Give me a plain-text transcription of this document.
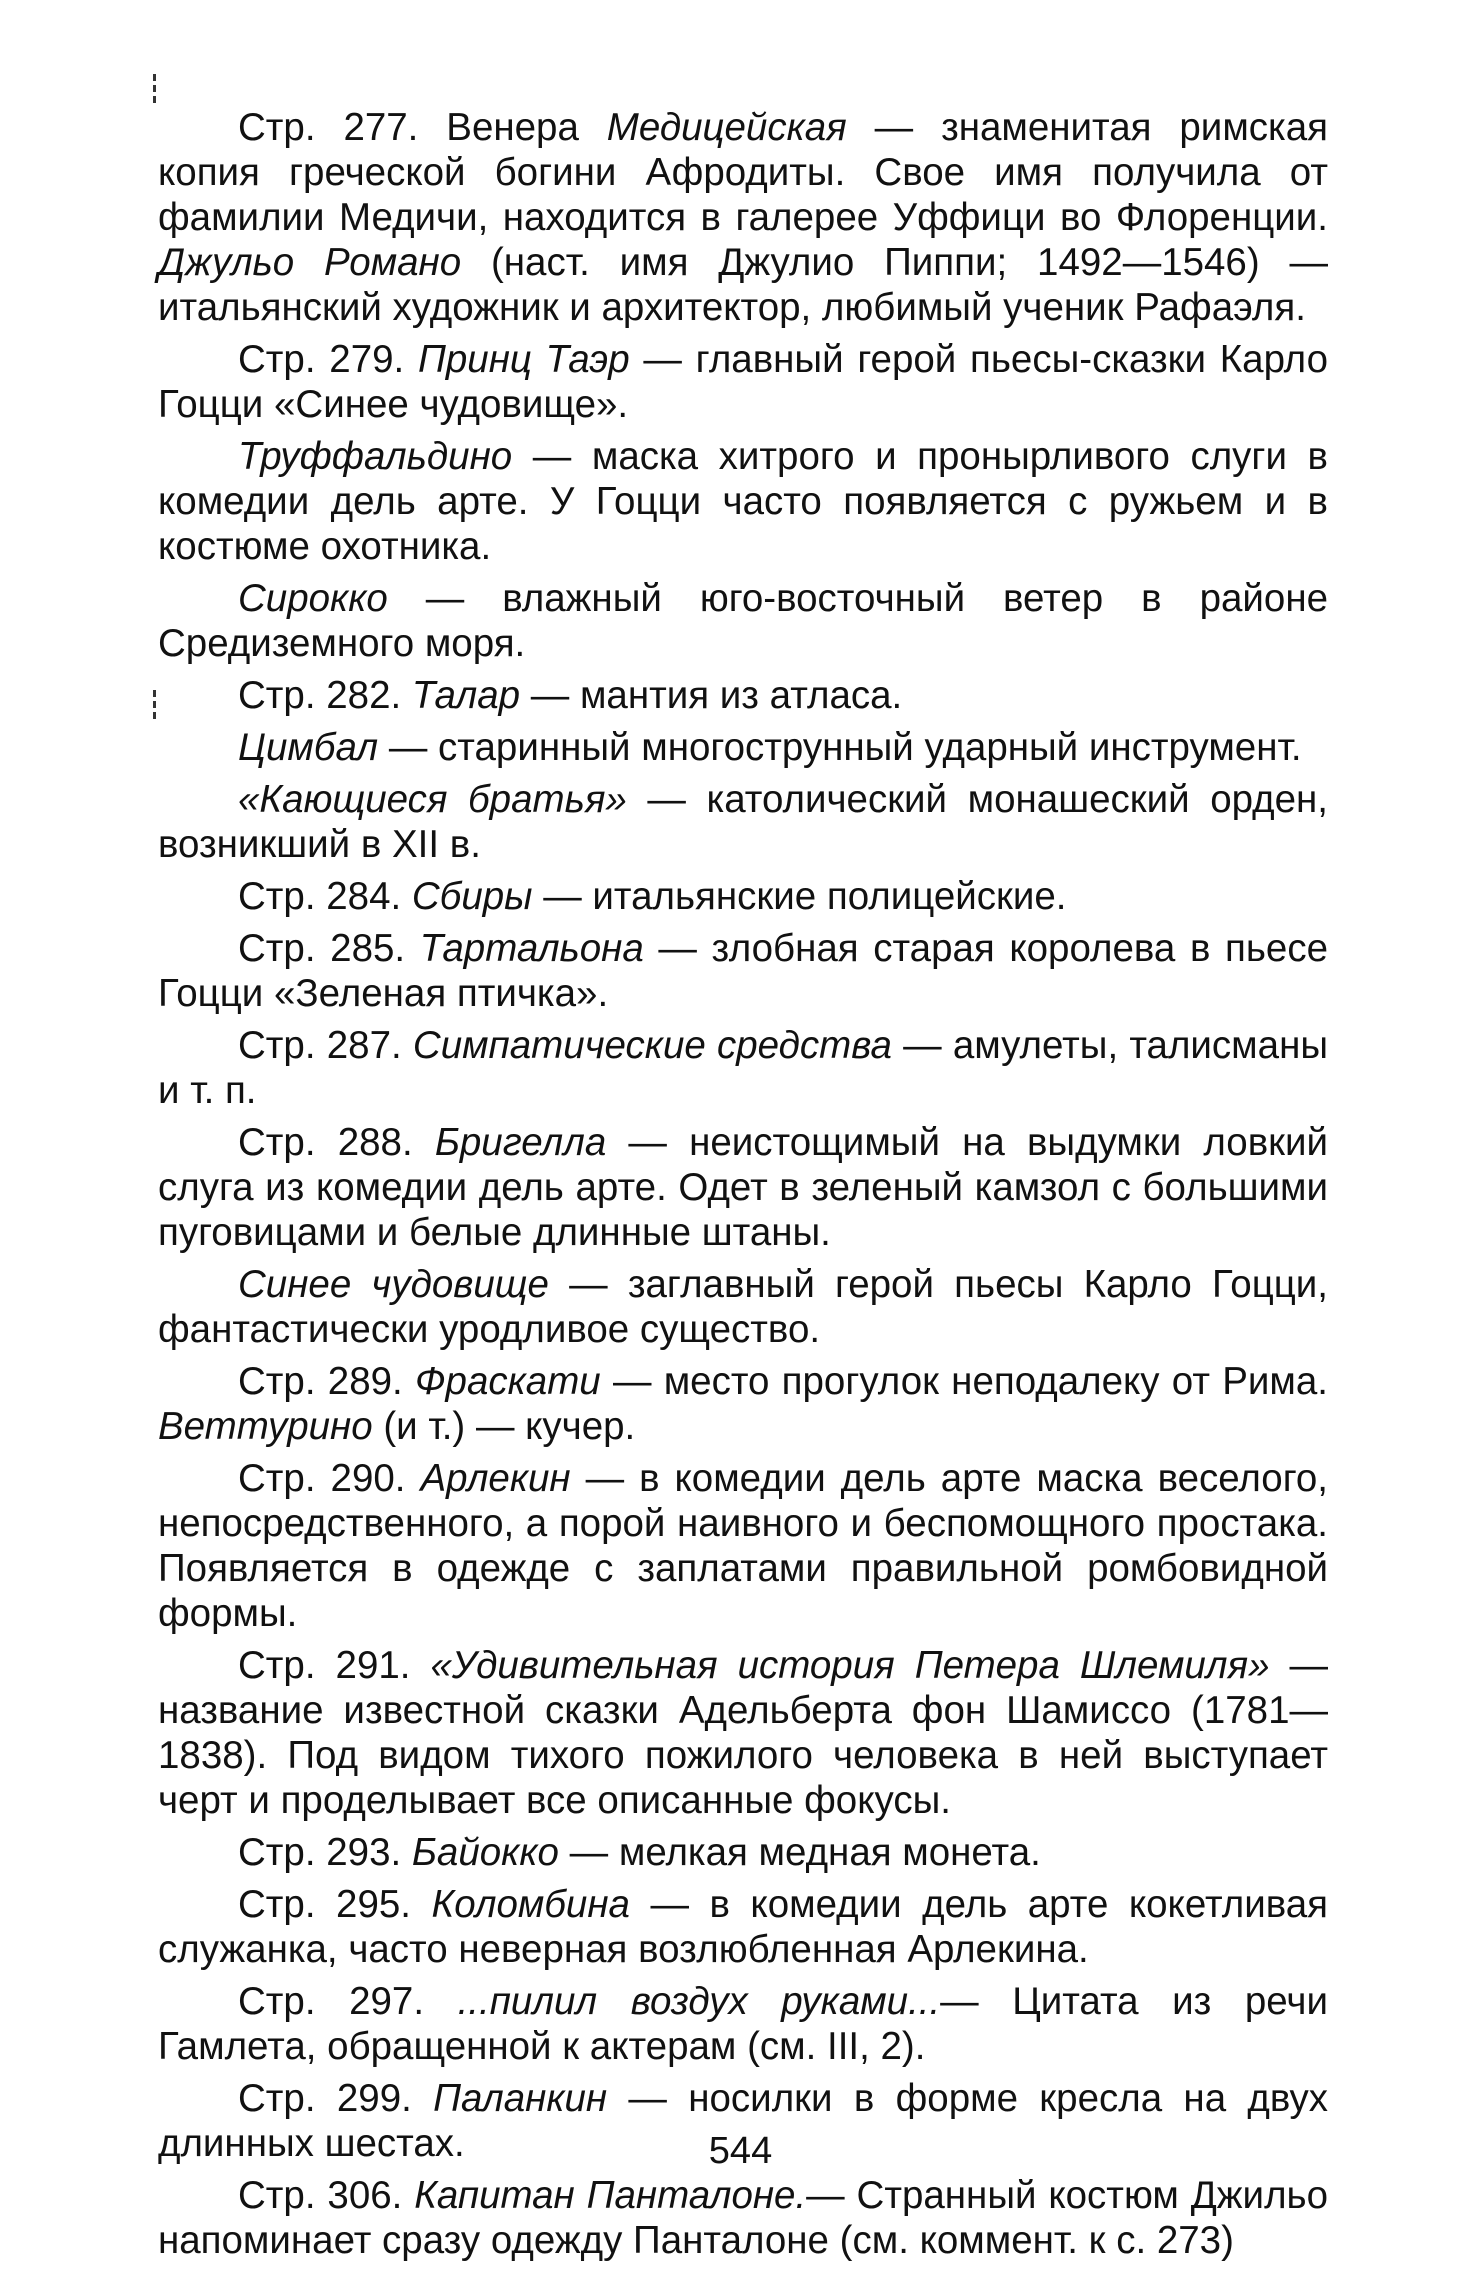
Стр. 277. Венера Медицейская — знаменитая римская копия греческой богини Афродиты. Свое имя получила от фамилии Медичи, находится в галерее Уффици во Флоренции. Джульо Романо (наст. имя Джулио Пиппи; 1492—1546) — итальянский художник и архитектор, любимый ученик Рафаэля.
Стр. 279. Принц Таэр — главный герой пьесы-сказки Карло Гоцци «Синее чудовище».
Труффальдино — маска хитрого и пронырливого слуги в комедии дель арте. У Гоцци часто появляется с ружьем и в костюме охотника.
Сирокко — влажный юго-восточный ветер в районе Средиземного моря.
Стр. 282. Талар — мантия из атласа.
Цимбал — старинный многострунный ударный инструмент.
«Кающиеся братья» — католический монашеский орден, возникший в XII в.
Стр. 284. Сбиры — итальянские полицейские.
Стр. 285. Тартальона — злобная старая королева в пьесе Гоцци «Зеленая птичка».
Стр. 287. Симпатические средства — амулеты, талисманы и т. п.
Стр. 288. Бригелла — неистощимый на выдумки ловкий слуга из комедии дель арте. Одет в зеленый камзол с большими пуговицами и белые длинные штаны.
Синее чудовище — заглавный герой пьесы Карло Гоцци, фантастически уродливое существо.
Стр. 289. Фраскати — место прогулок неподалеку от Рима. Веттурино (и т.) — кучер.
Стр. 290. Арлекин — в комедии дель арте маска веселого, непосредственного, а порой наивного и беспомощного простака. Появляется в одежде с заплатами правильной ромбовидной формы.
Стр. 291. «Удивительная история Петера Шлемиля» — название известной сказки Адельберта фон Шамиссо (1781—1838). Под видом тихого пожилого человека в ней выступает черт и проделывает все описанные фокусы.
Стр. 293. Байокко — мелкая медная монета.
Стр. 295. Коломбина — в комедии дель арте кокетливая служанка, часто неверная возлюбленная Арлекина.
Стр. 297. ...пилил воздух руками...— Цитата из речи Гамлета, обращенной к актерам (см. III, 2).
Стр. 299. Паланкин — носилки в форме кресла на двух длинных шестах.
Стр. 306. Капитан Панталоне.— Странный костюм Джильо напоминает сразу одежду Панталоне (см. коммент. к с. 273)
544
